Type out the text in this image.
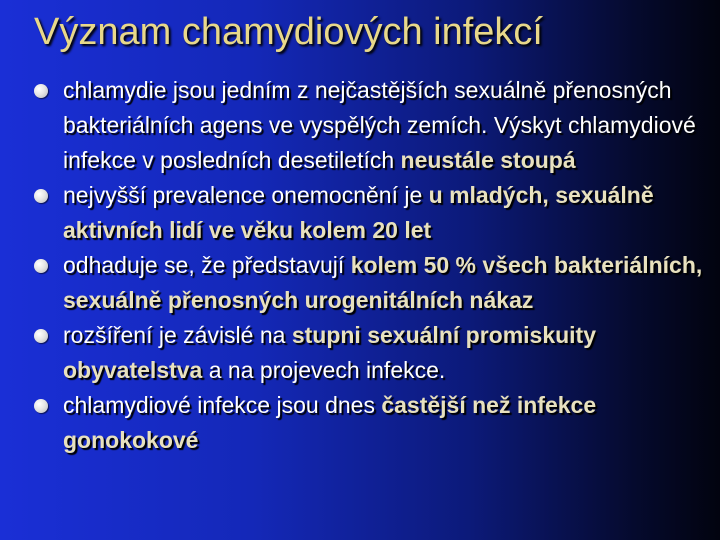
Význam chamydiových infekcí
chlamydie jsou jedním z nejčastějších sexuálně přenosných bakteriálních agens ve vyspělých zemích. Výskyt chlamydiové infekce v posledních desetiletích neustále stoupá
nejvyšší prevalence onemocnění je u mladých, sexuálně aktivních lidí ve věku kolem 20 let
odhaduje se, že představují kolem 50 % všech bakteriálních, sexuálně přenosných urogenitálních nákaz
rozšíření je závislé na stupni sexuální promiskuity obyvatelstva a na projevech infekce.
chlamydiové infekce jsou dnes častější než infekce gonokokové
